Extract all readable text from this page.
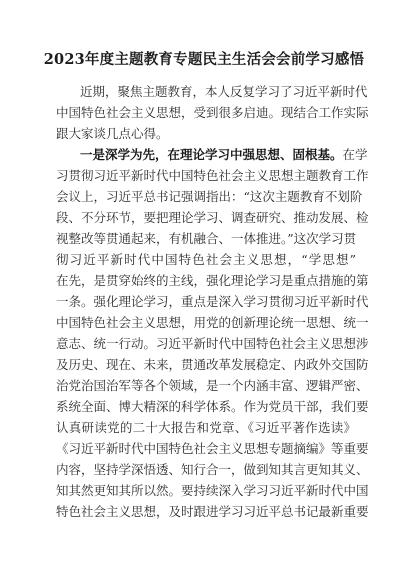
2023年度主题教育专题民主生活会会前学习感悟
近期，聚焦主题教育，本人反复学习了习近平新时代
中国特色社会主义思想，受到很多启迪。现结合工作实际
跟大家谈几点心得。
一是深学为先，在理论学习中强思想、固根基。在学
习贯彻习近平新时代中国特色社会主义思想主题教育工作
会议上，习近平总书记强调指出：“这次主题教育不划阶
段、不分环节，要把理论学习、调查研究、推动发展、检
视整改等贯通起来，有机融合、一体推进。”这次学习贯
彻习近平新时代中国特色社会主义思想，“学思想”
在先，是贯穿始终的主线，强化理论学习是重点措施的第
一条。强化理论学习，重点是深入学习贯彻习近平新时代
中国特色社会主义思想，用党的创新理论统一思想、统一
意志、统一行动。习近平新时代中国特色社会主义思想涉
及历史、现在、未来，贯通改革发展稳定、内政外交国防
治党治国治军等各个领域，是一个内涵丰富、逻辑严密、
系统全面、博大精深的科学体系。作为党员干部，我们要
认真研读党的二十大报告和党章、《习近平著作选读》
《习近平新时代中国特色社会主义思想专题摘编》等重要
内容，坚持学深悟透、知行合一，做到知其言更知其义、
知其然更知其所以然。要持续深入学习习近平新时代中国
特色社会主义思想，及时跟进学习习近平总书记最新重要
